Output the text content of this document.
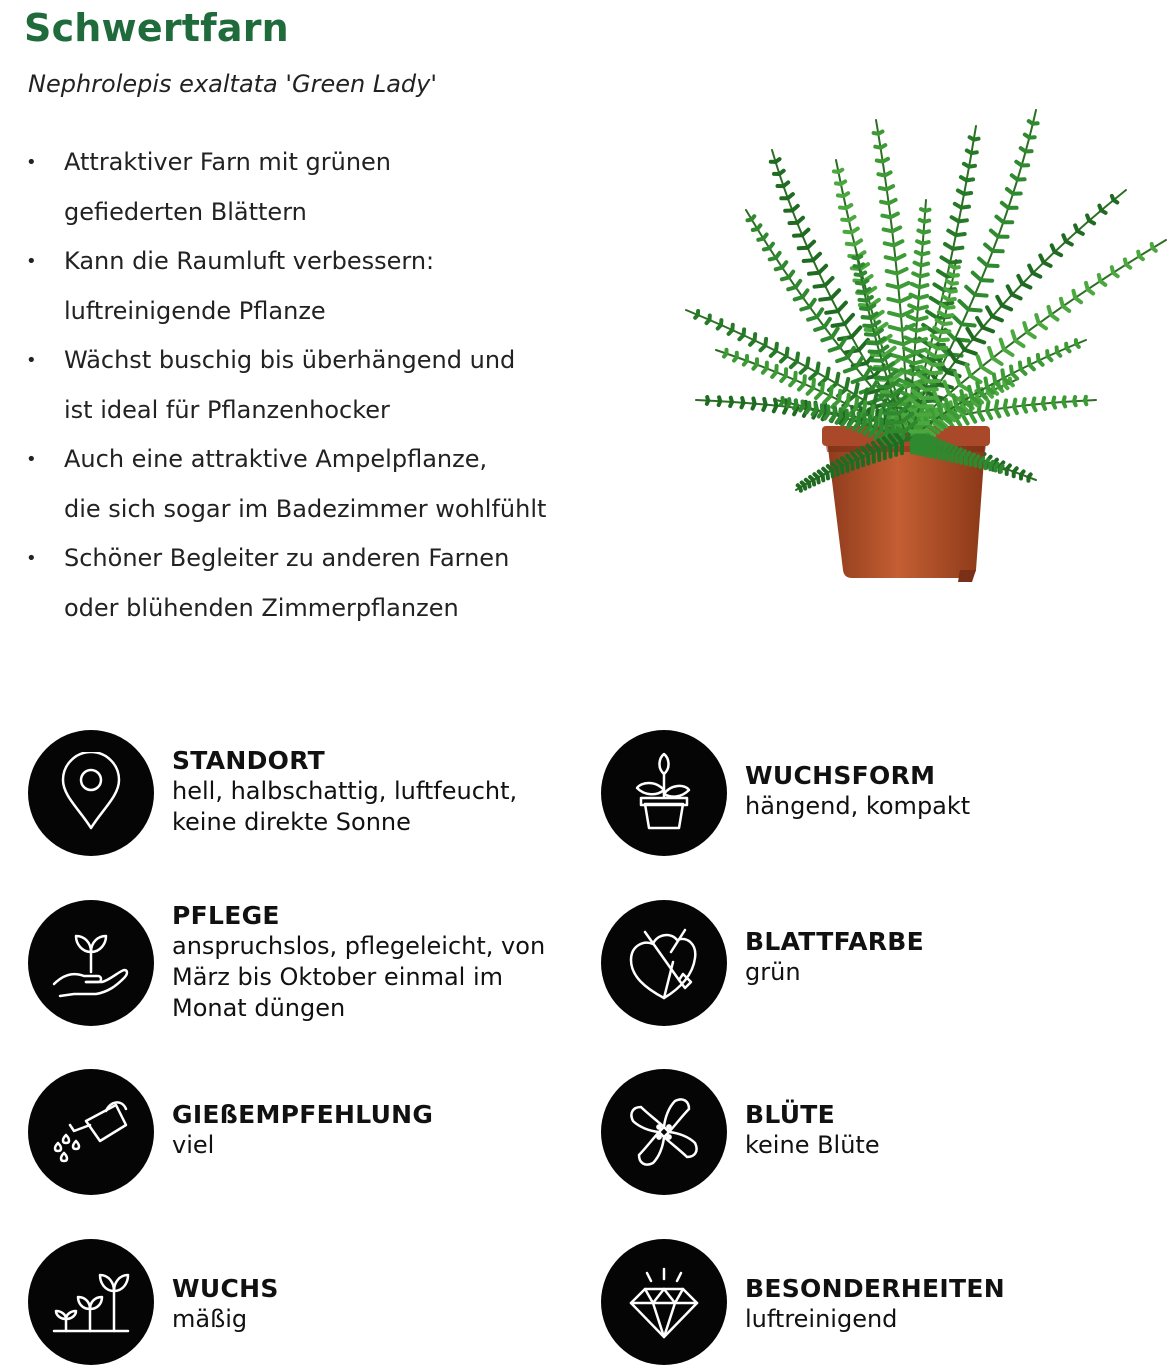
Schwertfarn

Nephrolepis exaltata 'Green Lady'

• Attraktiver Farn mit grünen
gefiederten Blättern
• Kann die Raumluft verbessern:
luftreinigende Pflanze
• Wächst buschig bis überhängend und
ist ideal für Pflanzenhocker
• Auch eine attraktive Ampelpflanze,
die sich sogar im Badezimmer wohlfühlt
• Schöner Begleiter zu anderen Farnen
oder blühenden Zimmerpflanzen
STANDORT
hell, halbschattig, luftfeucht,
keine direkte Sonne
WUCHSFORM
hängend, kompakt
PFLEGE
anspruchslos, pflegeleicht, von
März bis Oktober einmal im
Monat düngen
BLATTFARBE
grün
GIEßEMPFEHLUNG
viel
BLÜTE
keine Blüte
WUCHS
mäßig
BESONDERHEITEN
luftreinigend
